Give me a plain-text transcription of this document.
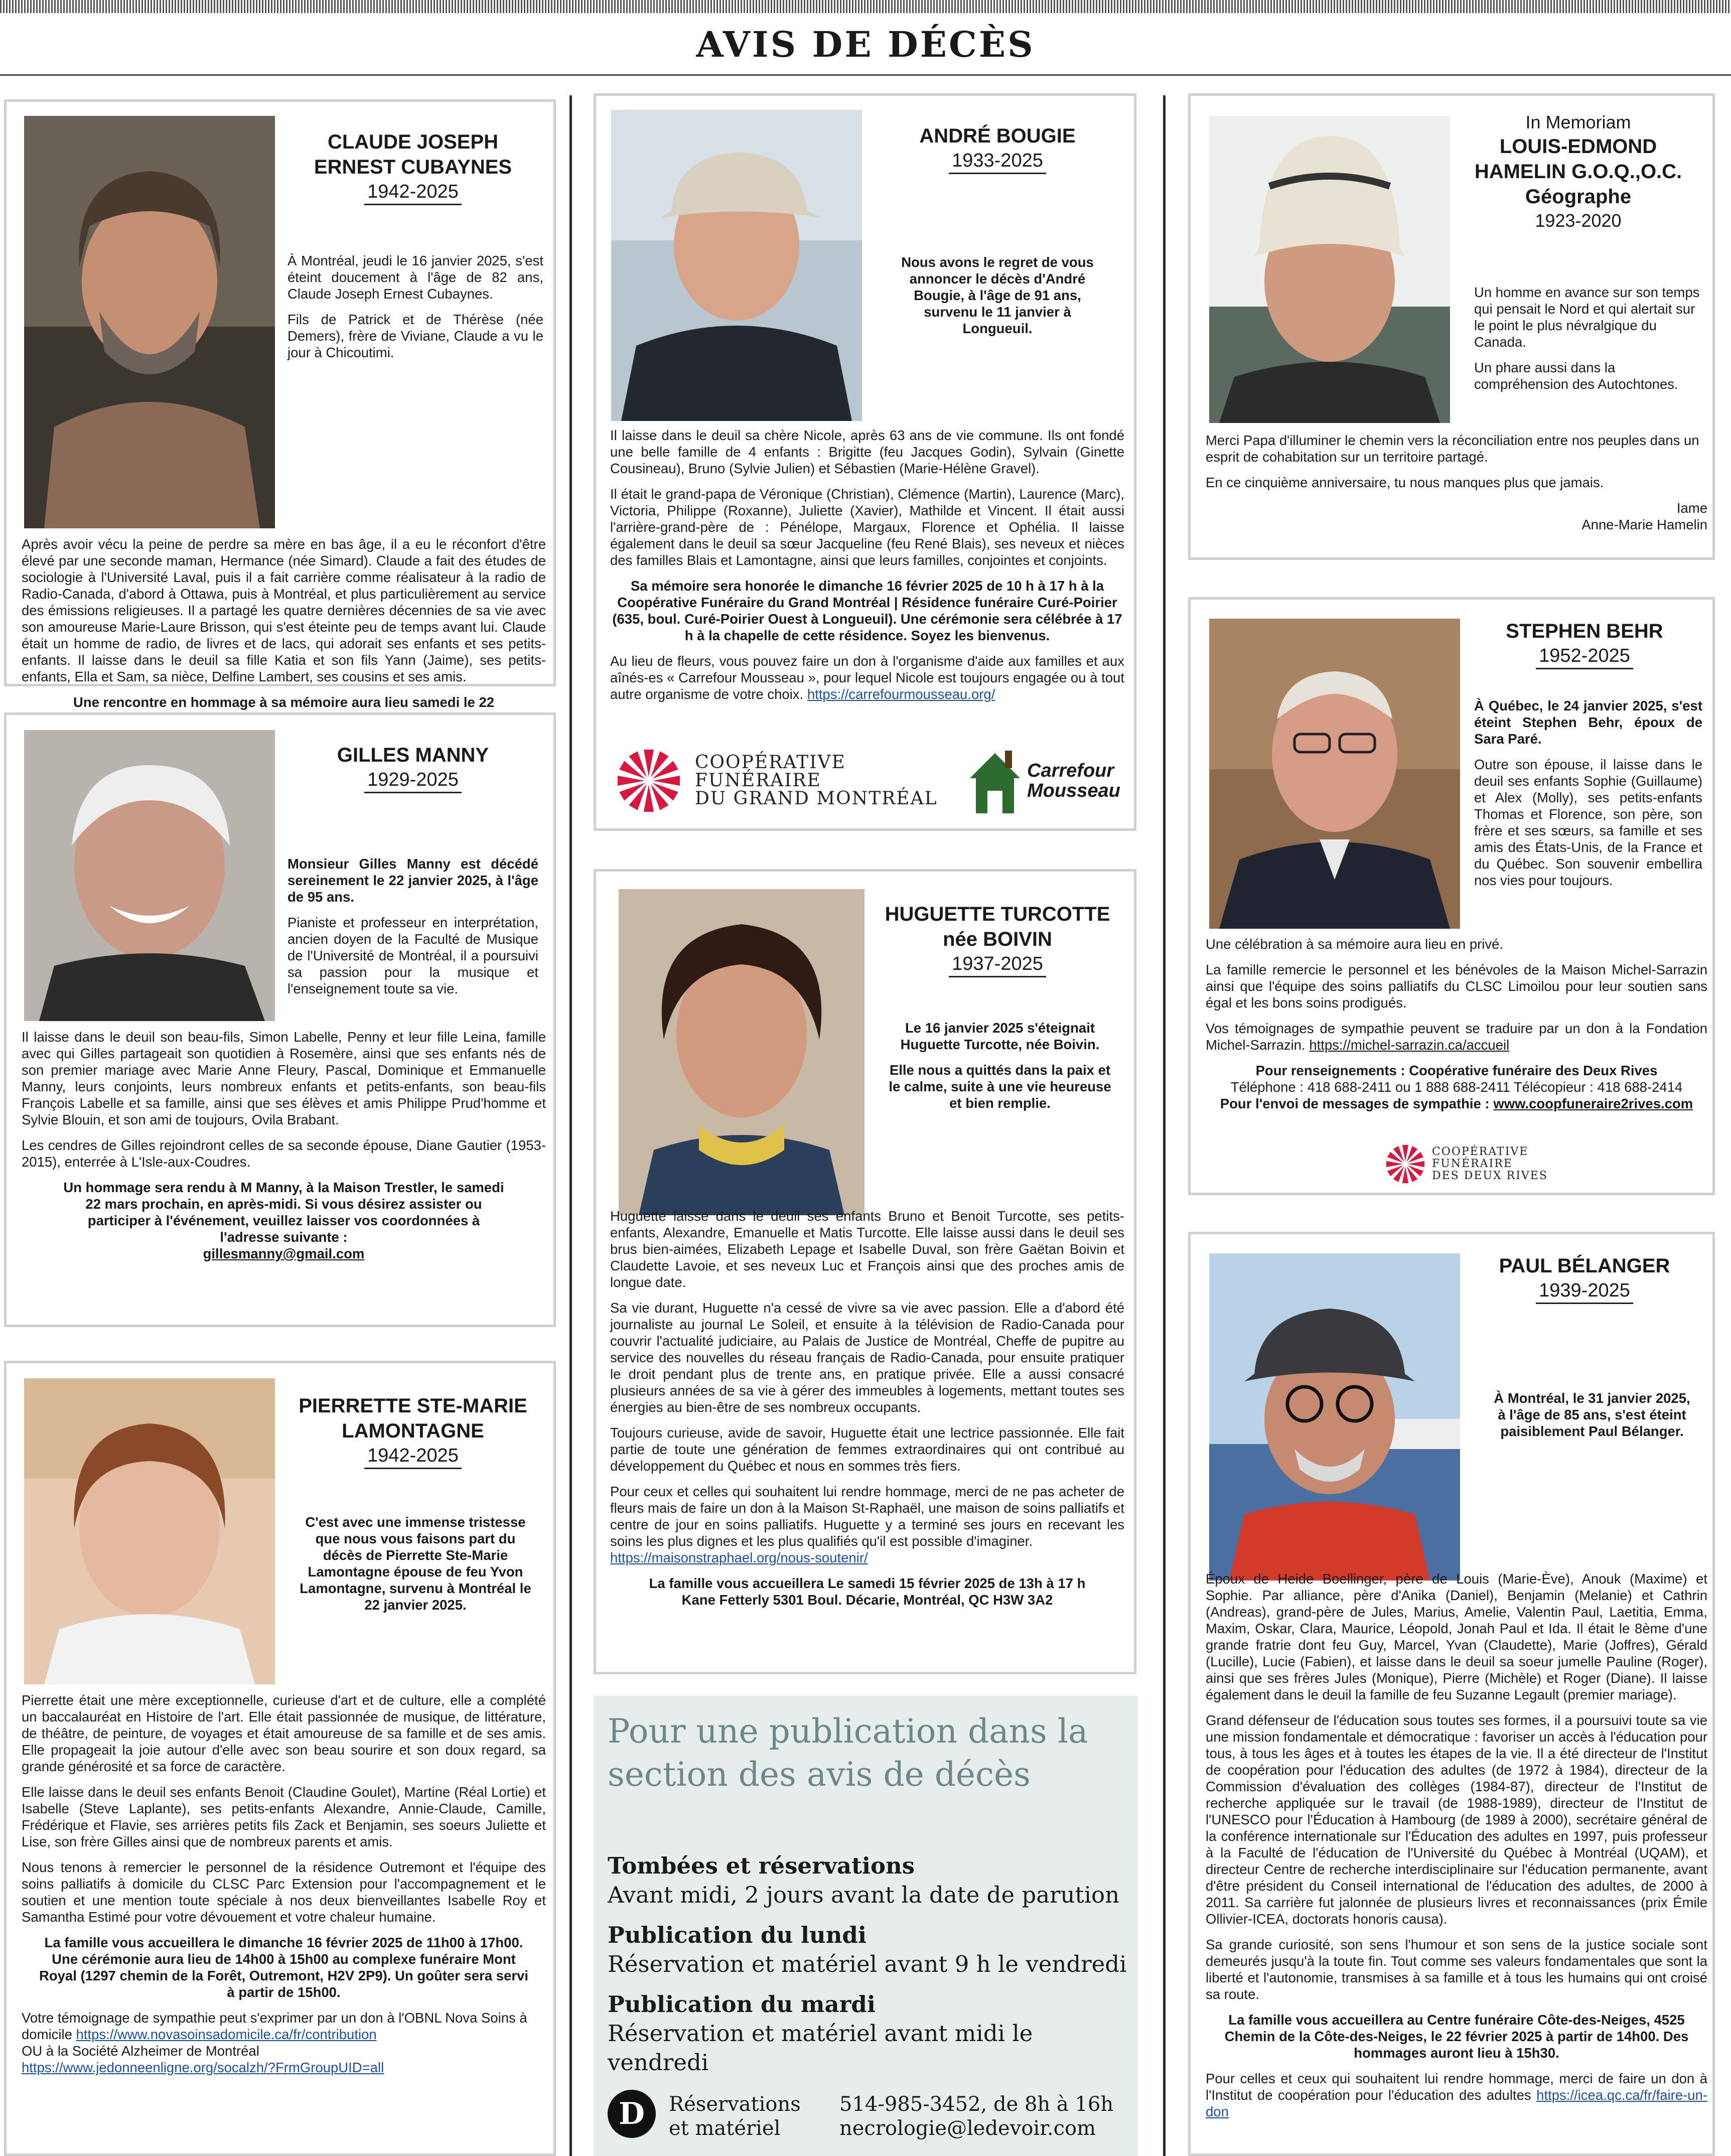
AVIS DE DÉCÈS
CLAUDE JOSEPH ERNEST CUBAYNES
1942-2025

À Montréal, jeudi le 16 janvier 2025, s'est éteint doucement à l'âge de 82 ans, Claude Joseph Ernest Cubaynes.

Fils de Patrick et de Thérèse (née Demers), frère de Viviane, Claude a vu le jour à Chicoutimi.

Après avoir vécu la peine de perdre sa mère en bas âge, il a eu le réconfort d'être élevé par une seconde maman, Hermance (née Simard). Claude a fait des études de sociologie à l'Université Laval, puis il a fait carrière comme réalisateur à la radio de Radio-Canada, d'abord à Ottawa, puis à Montréal, et plus particulièrement au service des émissions religieuses. Il a partagé les quatre dernières décennies de sa vie avec son amoureuse Marie-Laure Brisson, qui s'est éteinte peu de temps avant lui. Claude était un homme de radio, de livres et de lacs, qui adorait ses enfants et ses petits-enfants. Il laisse dans le deuil sa fille Katia et son fils Yann (Jaime), ses petits-enfants, Ella et Sam, sa nièce, Delfine Lambert, ses cousins et ses amis.

Une rencontre en hommage à sa mémoire aura lieu samedi le 22

GILLES MANNY
1929-2025

Monsieur Gilles Manny est décédé sereinement le 22 janvier 2025, à l'âge de 95 ans.

Pianiste et professeur en interprétation, ancien doyen de la Faculté de Musique de l'Université de Montréal, il a poursuivi sa passion pour la musique et l'enseignement toute sa vie.

Il laisse dans le deuil son beau-fils, Simon Labelle, Penny et leur fille Leina, famille avec qui Gilles partageait son quotidien à Rosemère, ainsi que ses enfants nés de son premier mariage avec Marie Anne Fleury, Pascal, Dominique et Emmanuelle Manny, leurs conjoints, leurs nombreux enfants et petits-enfants, son beau-fils François Labelle et sa famille, ainsi que ses élèves et amis Philippe Prud'homme et Sylvie Blouin, et son ami de toujours, Ovila Brabant.

Les cendres de Gilles rejoindront celles de sa seconde épouse, Diane Gautier (1953-2015), enterrée à L'Isle-aux-Coudres.

Un hommage sera rendu à M Manny, à la Maison Trestler, le samedi 22 mars prochain, en après-midi. Si vous désirez assister ou participer à l'événement, veuillez laisser vos coordonnées à l'adresse suivante :

gillesmanny@gmail.com

PIERRETTE STE-MARIE LAMONTAGNE
1942-2025

C'est avec une immense tristesse que nous vous faisons part du décès de Pierrette Ste-Marie Lamontagne épouse de feu Yvon Lamontagne, survenu à Montréal le 22 janvier 2025.

Pierrette était une mère exceptionnelle, curieuse d'art et de culture, elle a complété un baccalauréat en Histoire de l'art. Elle était passionnée de musique, de littérature, de théâtre, de peinture, de voyages et était amoureuse de sa famille et de ses amis. Elle propageait la joie autour d'elle avec son beau sourire et son doux regard, sa grande générosité et sa force de caractère.

Elle laisse dans le deuil ses enfants Benoit (Claudine Goulet), Martine (Réal Lortie) et Isabelle (Steve Laplante), ses petits-enfants Alexandre, Annie-Claude, Camille, Frédérique et Flavie, ses arrières petits fils Zack et Benjamin, ses soeurs Juliette et Lise, son frère Gilles ainsi que de nombreux parents et amis.

Nous tenons à remercier le personnel de la résidence Outremont et l'équipe des soins palliatifs à domicile du CLSC Parc Extension pour l'accompagnement et le soutien et une mention toute spéciale à nos deux bienveillantes Isabelle Roy et Samantha Estimé pour votre dévouement et votre chaleur humaine.

La famille vous accueillera le dimanche 16 février 2025 de 11h00 à 17h00. Une cérémonie aura lieu de 14h00 à 15h00 au complexe funéraire Mont Royal (1297 chemin de la Forêt, Outremont, H2V 2P9). Un goûter sera servi à partir de 15h00.

Votre témoignage de sympathie peut s'exprimer par un don à l'OBNL Nova Soins à domicile https://www.novasoinsadomicile.ca/fr/contribution

OU à la Société Alzheimer de Montréal

https://www.jedonneenligne.org/socalzh/?FrmGroupUID=all

ANDRÉ BOUGIE
1933-2025

Nous avons le regret de vous annoncer le décès d'André Bougie, à l'âge de 91 ans, survenu le 11 janvier à Longueuil.

Il laisse dans le deuil sa chère Nicole, après 63 ans de vie commune. Ils ont fondé une belle famille de 4 enfants : Brigitte (feu Jacques Godin), Sylvain (Ginette Cousineau), Bruno (Sylvie Julien) et Sébastien (Marie-Hélène Gravel).

Il était le grand-papa de Véronique (Christian), Clémence (Martin), Laurence (Marc), Victoria, Philippe (Roxanne), Juliette (Xavier), Mathilde et Vincent. Il était aussi l'arrière-grand-père de : Pénélope, Margaux, Florence et Ophélia. Il laisse également dans le deuil sa sœur Jacqueline (feu René Blais), ses neveux et nièces des familles Blais et Lamontagne, ainsi que leurs familles, conjointes et conjoints.

Sa mémoire sera honorée le dimanche 16 février 2025 de 10 h à 17 h à la Coopérative Funéraire du Grand Montréal | Résidence funéraire Curé-Poirier (635, boul. Curé-Poirier Ouest à Longueuil). Une cérémonie sera célébrée à 17 h à la chapelle de cette résidence. Soyez les bienvenus.

Au lieu de fleurs, vous pouvez faire un don à l'organisme d'aide aux familles et aux aînés-es « Carrefour Mousseau », pour lequel Nicole est toujours engagée ou à tout autre organisme de votre choix. https://carrefourmousseau.org/

COOPÉRATIVE
FUNÉRAIRE
DU GRAND MONTRÉAL
Carrefour
Mousseau
HUGUETTE TURCOTTE
née BOIVIN
1937-2025

Le 16 janvier 2025 s'éteignait Huguette Turcotte, née Boivin.

Elle nous a quittés dans la paix et le calme, suite à une vie heureuse et bien remplie.

Huguette laisse dans le deuil ses enfants Bruno et Benoit Turcotte, ses petits-enfants, Alexandre, Emanuelle et Matis Turcotte. Elle laisse aussi dans le deuil ses brus bien-aimées, Elizabeth Lepage et Isabelle Duval, son frère Gaëtan Boivin et Claudette Lavoie, et ses neveux Luc et François ainsi que des proches amis de longue date.

Sa vie durant, Huguette n'a cessé de vivre sa vie avec passion. Elle a d'abord été journaliste au journal Le Soleil, et ensuite à la télévision de Radio-Canada pour couvrir l'actualité judiciaire, au Palais de Justice de Montréal, Cheffe de pupitre au service des nouvelles du réseau français de Radio-Canada, pour ensuite pratiquer le droit pendant plus de trente ans, en pratique privée. Elle a aussi consacré plusieurs années de sa vie à gérer des immeubles à logements, mettant toutes ses énergies au bien-être de ses nombreux occupants.

Toujours curieuse, avide de savoir, Huguette était une lectrice passionnée. Elle fait partie de toute une génération de femmes extraordinaires qui ont contribué au développement du Québec et nous en sommes très fiers.

Pour ceux et celles qui souhaitent lui rendre hommage, merci de ne pas acheter de fleurs mais de faire un don à la Maison St-Raphaël, une maison de soins palliatifs et centre de jour en soins palliatifs. Huguette y a terminé ses jours en recevant les soins les plus dignes et les plus qualifiés qu'il est possible d'imaginer.

https://maisonstraphael.org/nous-soutenir/

La famille vous accueillera Le samedi 15 février 2025 de 13h à 17 h Kane Fetterly 5301 Boul. Décarie, Montréal, QC H3W 3A2

Pour une publication dans la section des avis de décès
Tombées et réservations
Avant midi, 2 jours avant la date de parution
Publication du lundi
Réservation et matériel avant 9 h le vendredi
Publication du mardi
Réservation et matériel avant midi le vendredi
D	Réservations et matériel
514-985-3452, de 8h à 16h
necrologie@ledevoir.com
In Memoriam
LOUIS-EDMOND HAMELIN G.O.Q.,O.C.
Géographe
1923-2020

Un homme en avance sur son temps qui pensait le Nord et qui alertait sur le point le plus névralgique du Canada.

Un phare aussi dans la compréhension des Autochtones.

Merci Papa d'illuminer le chemin vers la réconciliation entre nos peuples dans un esprit de cohabitation sur un territoire partagé.

En ce cinquième anniversaire, tu nous manques plus que jamais.

Iame
Anne-Marie Hamelin
STEPHEN BEHR
1952-2025

À Québec, le 24 janvier 2025, s'est éteint Stephen Behr, époux de Sara Paré.

Outre son épouse, il laisse dans le deuil ses enfants Sophie (Guillaume) et Alex (Molly), ses petits-enfants Thomas et Florence, son père, son frère et ses sœurs, sa famille et ses amis des États-Unis, de la France et du Québec. Son souvenir embellira nos vies pour toujours.

Une célébration à sa mémoire aura lieu en privé.

La famille remercie le personnel et les bénévoles de la Maison Michel-Sarrazin ainsi que l'équipe des soins palliatifs du CLSC Limoilou pour leur soutien sans égal et les bons soins prodigués.

Vos témoignages de sympathie peuvent se traduire par un don à la Fondation Michel-Sarrazin. https://michel-sarrazin.ca/accueil

Pour renseignements : Coopérative funéraire des Deux Rives
Téléphone : 418 688-2411 ou 1 888 688-2411 Télécopieur : 418 688-2414
Pour l'envoi de messages de sympathie : www.coopfuneraire2rives.com
COOPÉRATIVE
FUNÉRAIRE
DES DEUX RIVES
PAUL BÉLANGER
1939-2025

À Montréal, le 31 janvier 2025, à l'âge de 85 ans, s'est éteint paisiblement Paul Bélanger.

Époux de Heide Boellinger, père de Louis (Marie-Ève), Anouk (Maxime) et Sophie. Par alliance, père d'Anika (Daniel), Benjamin (Melanie) et Cathrin (Andreas), grand-père de Jules, Marius, Amelie, Valentin Paul, Laetitia, Emma, Maxim, Oskar, Clara, Maurice, Léopold, Jonah Paul et Ida. Il était le 8ème d'une grande fratrie dont feu Guy, Marcel, Yvan (Claudette), Marie (Joffres), Gérald (Lucille), Lucie (Fabien), et laisse dans le deuil sa soeur jumelle Pauline (Roger), ainsi que ses frères Jules (Monique), Pierre (Michèle) et Roger (Diane). Il laisse également dans le deuil la famille de feu Suzanne Legault (premier mariage).

Grand défenseur de l'éducation sous toutes ses formes, il a poursuivi toute sa vie une mission fondamentale et démocratique : favoriser un accès à l'éducation pour tous, à tous les âges et à toutes les étapes de la vie. Il a été directeur de l'Institut de coopération pour l'éducation des adultes (de 1972 à 1984), directeur de la Commission d'évaluation des collèges (1984-87), directeur de l'Institut de recherche appliquée sur le travail (de 1988-1989), directeur de l'Institut de l'UNESCO pour l'Éducation à Hambourg (de 1989 à 2000), secrétaire général de la conférence internationale sur l'Éducation des adultes en 1997, puis professeur à la Faculté de l'éducation de l'Université du Québec à Montréal (UQAM), et directeur Centre de recherche interdisciplinaire sur l'éducation permanente, avant d'être président du Conseil international de l'éducation des adultes, de 2000 à 2011. Sa carrière fut jalonnée de plusieurs livres et reconnaissances (prix Émile Ollivier-ICEA, doctorats honoris causa).

Sa grande curiosité, son sens l'humour et son sens de la justice sociale sont demeurés jusqu'à la toute fin. Tout comme ses valeurs fondamentales que sont la liberté et l'autonomie, transmises à sa famille et à tous les humains qui ont croisé sa route.

La famille vous accueillera au Centre funéraire Côte-des-Neiges, 4525 Chemin de la Côte-des-Neiges, le 22 février 2025 à partir de 14h00. Des hommages auront lieu à 15h30.

Pour celles et ceux qui souhaitent lui rendre hommage, merci de faire un don à l'Institut de coopération pour l'éducation des adultes https://icea.qc.ca/fr/faire-un-don
